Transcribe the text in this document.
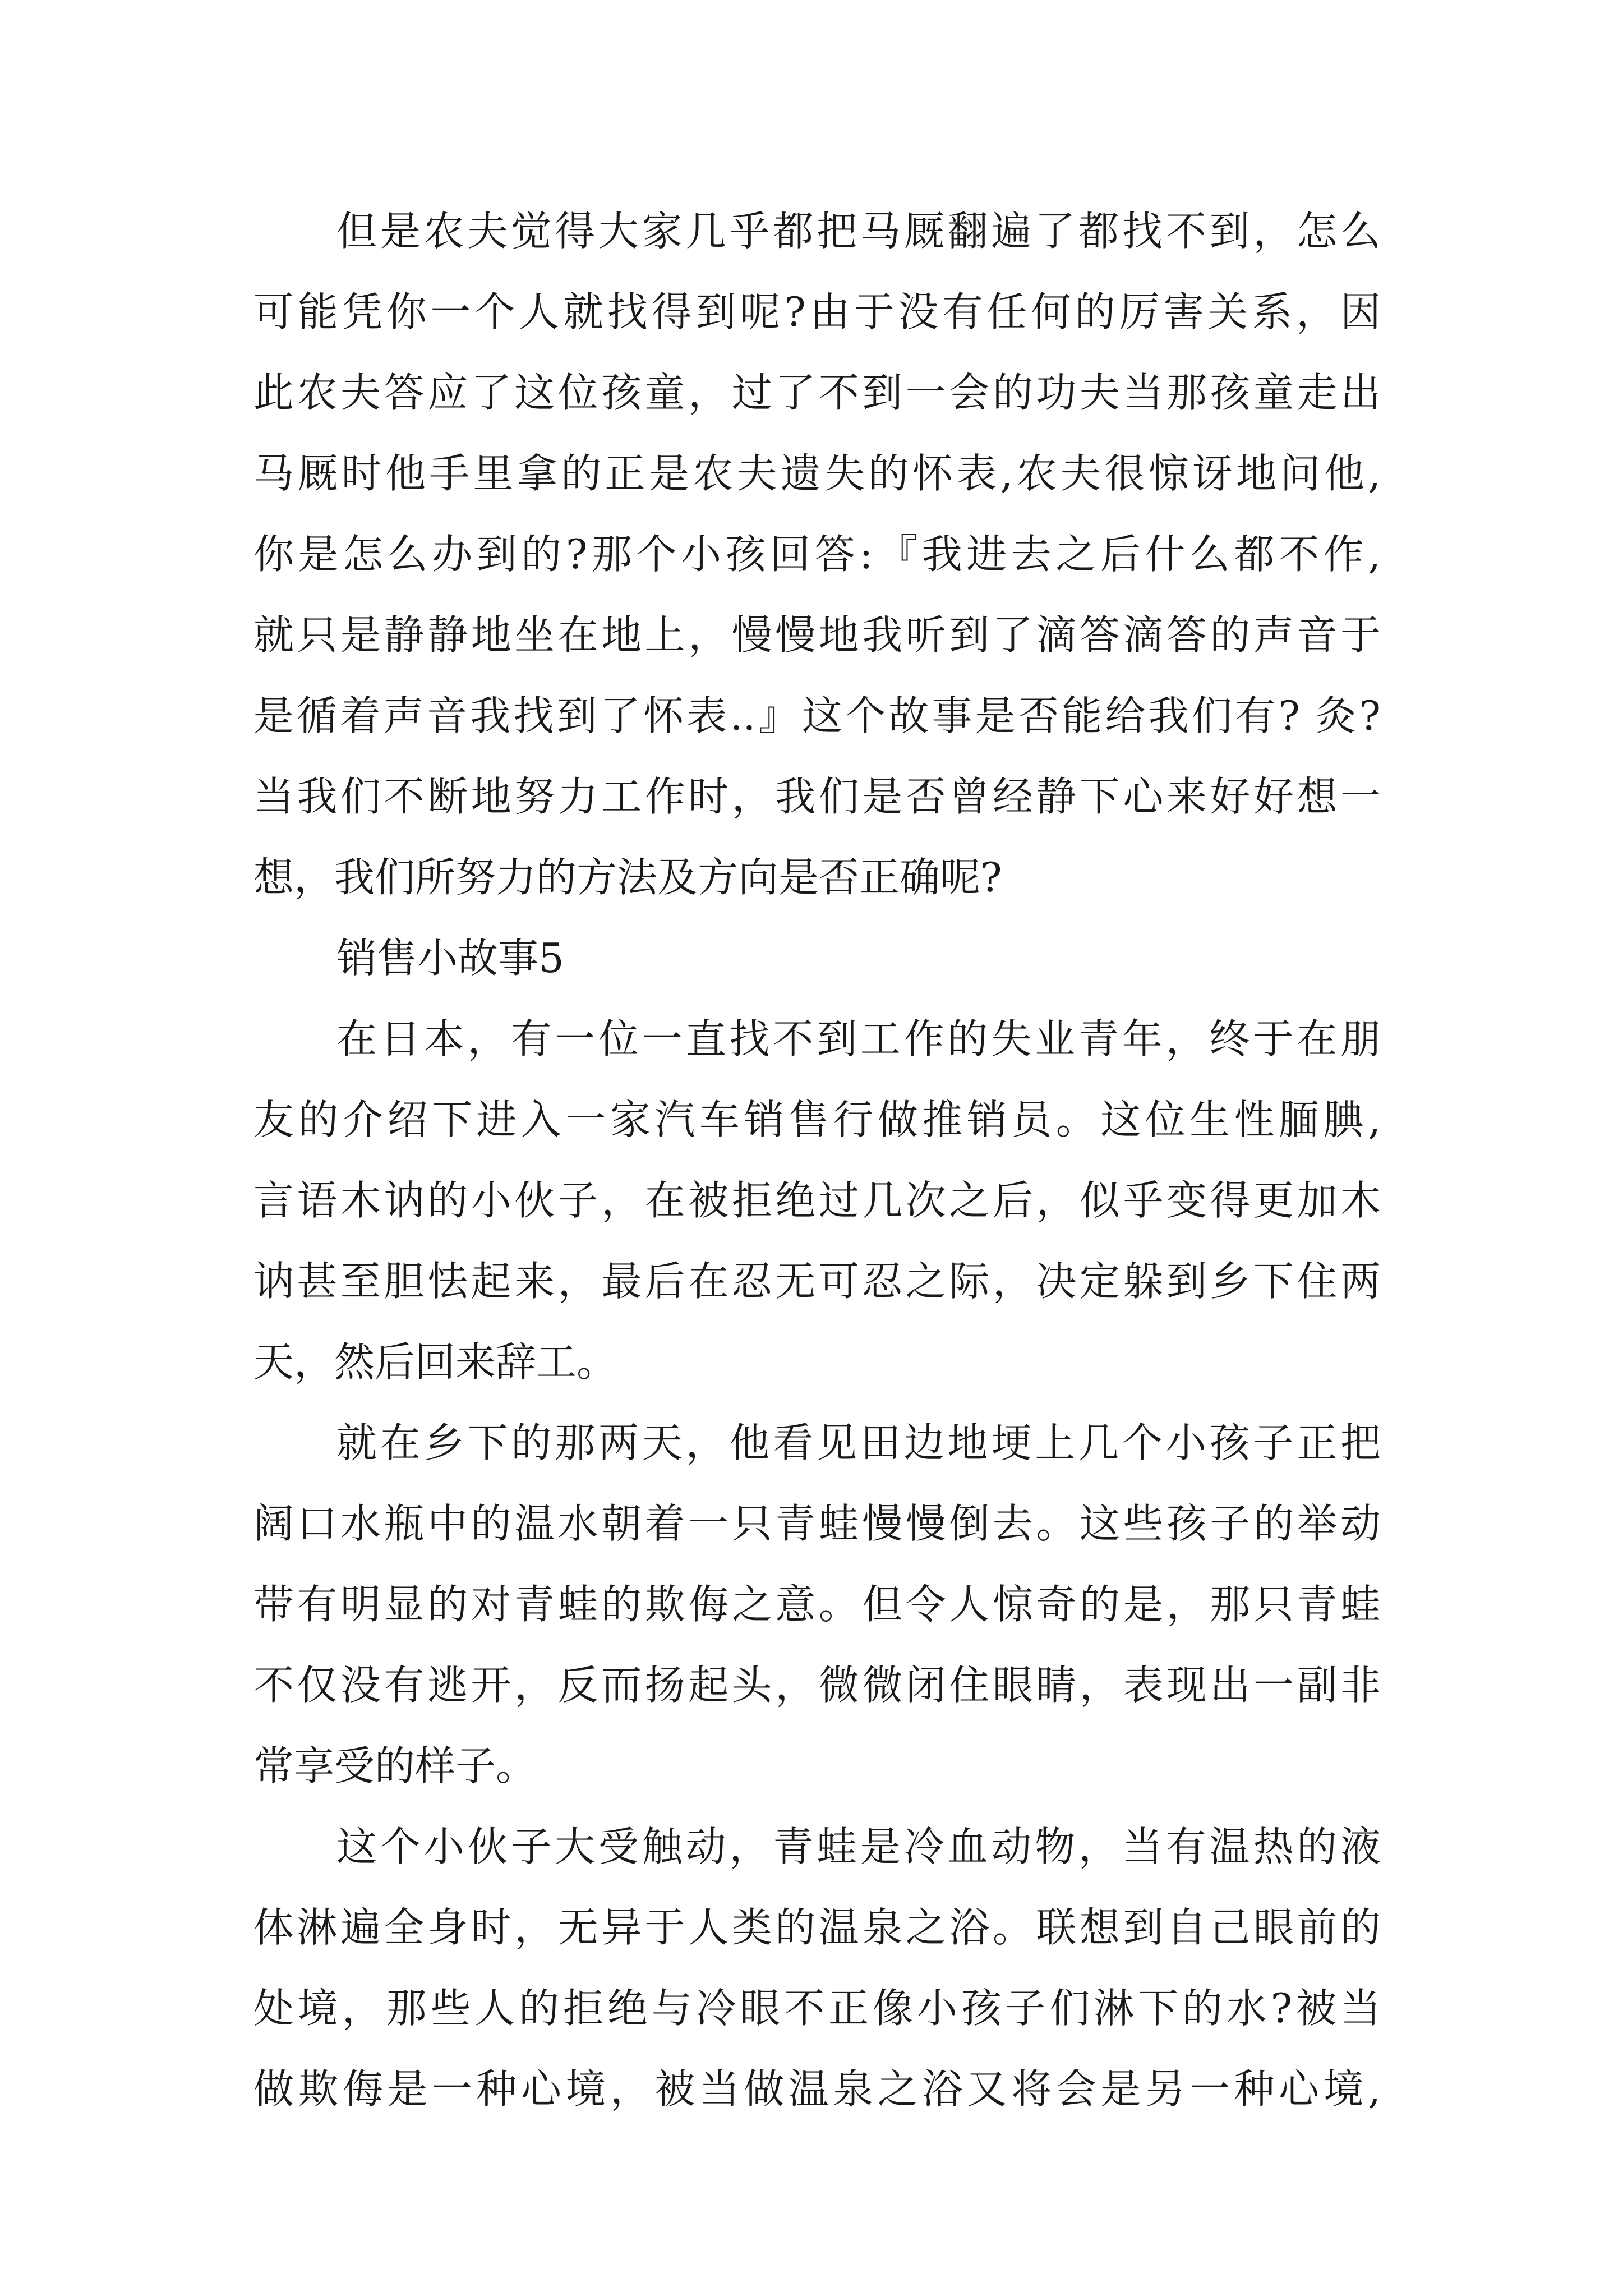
但是农夫觉得大家几乎都把马厩翻遍了都找不到，怎么
可能凭你一个人就找得到呢?由于没有任何的厉害关系，因
此农夫答应了这位孩童，过了不到一会的功夫当那孩童走出
马厩时他手里拿的正是农夫遗失的怀表,农夫很惊讶地问他,
你是怎么办到的?那个小孩回答:『我进去之后什么都不作,
就只是静静地坐在地上，慢慢地我听到了滴答滴答的声音于
是循着声音我找到了怀表..』这个故事是否能给我们有? 灸?
当我们不断地努力工作时，我们是否曾经静下心来好好想一
想，我们所努力的方法及方向是否正确呢?
销售小故事5
在日本，有一位一直找不到工作的失业青年，终于在朋
友的介绍下进入一家汽车销售行做推销员。这位生性腼腆,
言语木讷的小伙子，在被拒绝过几次之后，似乎变得更加木
讷甚至胆怯起来，最后在忍无可忍之际，决定躲到乡下住两
天，然后回来辞工。
就在乡下的那两天，他看见田边地埂上几个小孩子正把
阔口水瓶中的温水朝着一只青蛙慢慢倒去。这些孩子的举动
带有明显的对青蛙的欺侮之意。但令人惊奇的是，那只青蛙
不仅没有逃开，反而扬起头，微微闭住眼睛，表现出一副非
常享受的样子。
这个小伙子大受触动，青蛙是冷血动物，当有温热的液
体淋遍全身时，无异于人类的温泉之浴。联想到自己眼前的
处境，那些人的拒绝与冷眼不正像小孩子们淋下的水?被当
做欺侮是一种心境，被当做温泉之浴又将会是另一种心境,
